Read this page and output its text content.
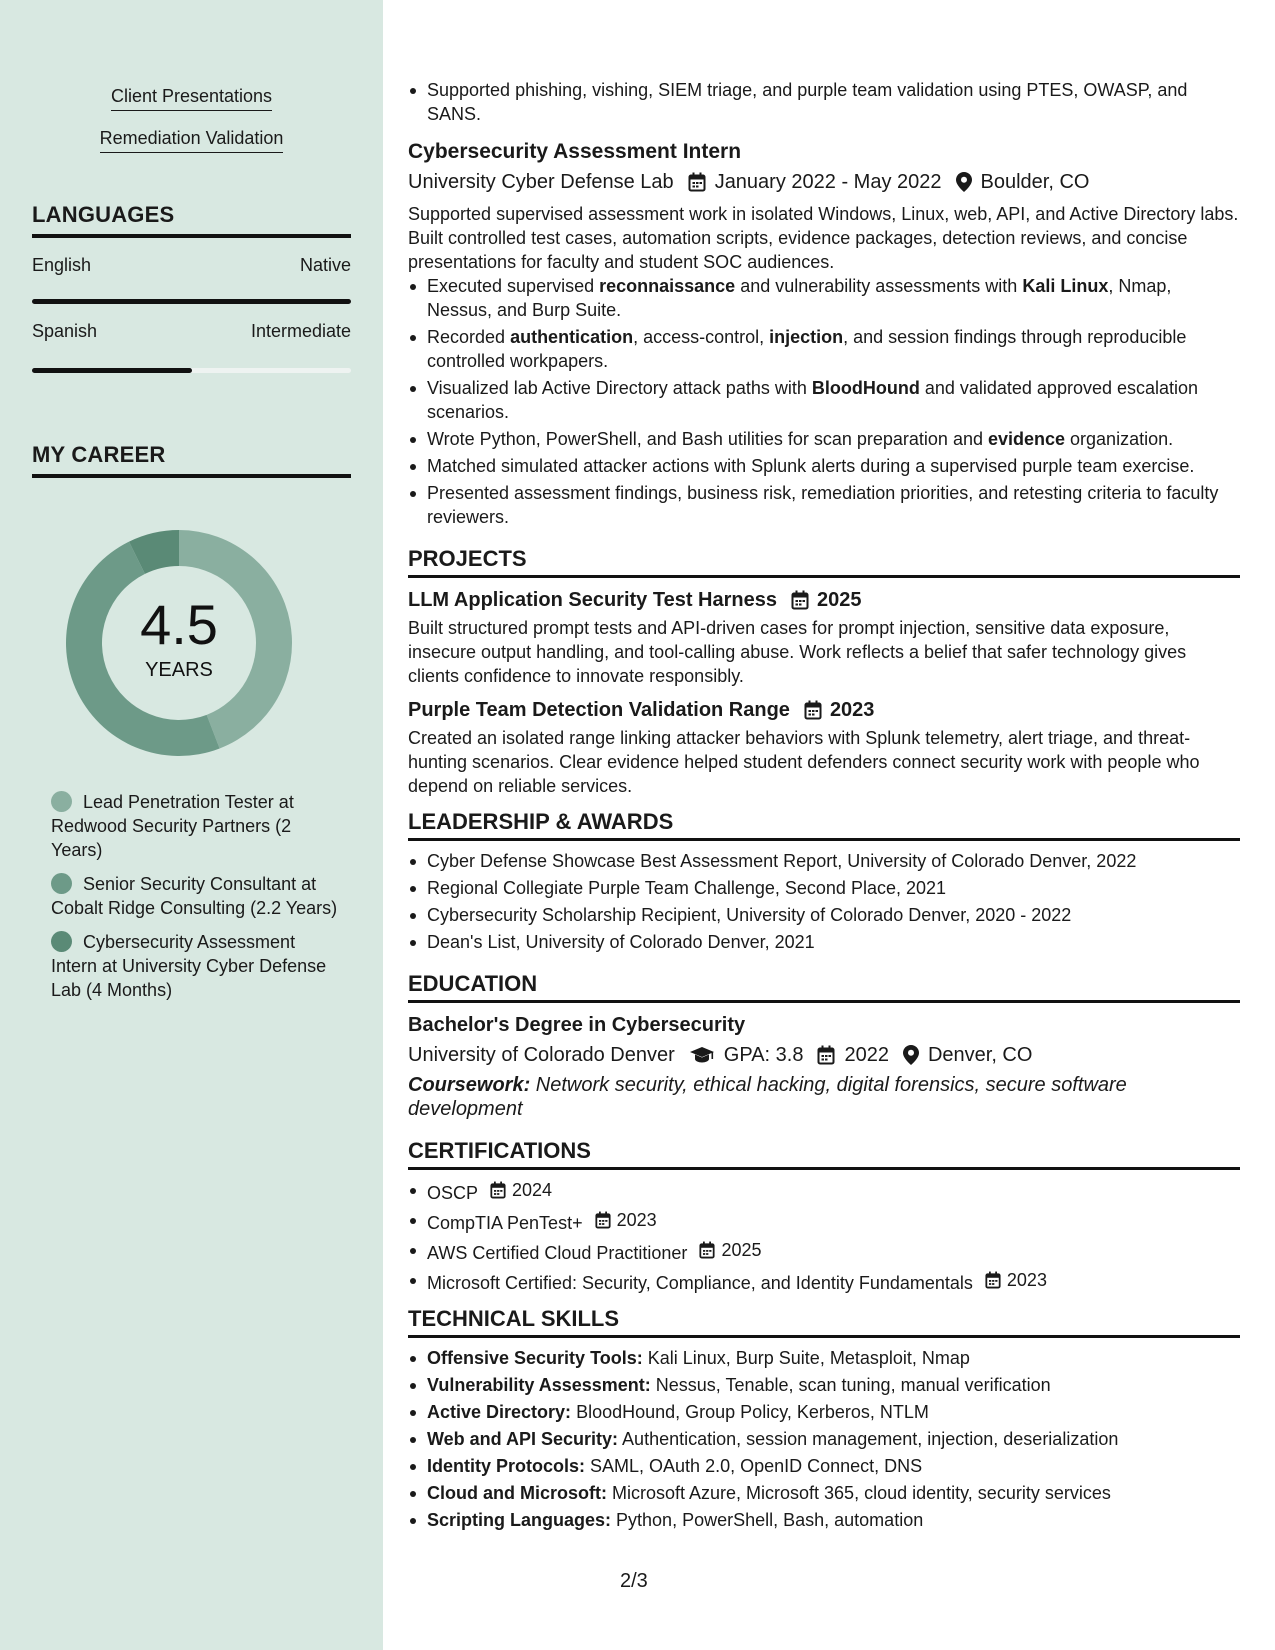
Client Presentations
Remediation Validation
LANGUAGES
English	Native
Spanish	Intermediate
MY CAREER
4.5
YEARS
Lead Penetration Tester at Redwood Security Partners (2 Years)
Senior Security Consultant at Cobalt Ridge Consulting (2.2 Years)
Cybersecurity Assessment Intern at University Cyber Defense Lab (4 Months)
Supported phishing, vishing, SIEM triage, and purple team validation using PTES, OWASP, and SANS.
Cybersecurity Assessment Intern
University Cyber Defense Lab January 2022 - May 2022 Boulder, CO
Supported supervised assessment work in isolated Windows, Linux, web, API, and Active Directory labs. Built controlled test cases, automation scripts, evidence packages, detection reviews, and concise presentations for faculty and student SOC audiences.
Executed supervised reconnaissance and vulnerability assessments with Kali Linux, Nmap, Nessus, and Burp Suite.
Recorded authentication, access-control, injection, and session findings through reproducible controlled workpapers.
Visualized lab Active Directory attack paths with BloodHound and validated approved escalation scenarios.
Wrote Python, PowerShell, and Bash utilities for scan preparation and evidence organization.
Matched simulated attacker actions with Splunk alerts during a supervised purple team exercise.
Presented assessment findings, business risk, remediation priorities, and retesting criteria to faculty reviewers.
PROJECTS
LLM Application Security Test Harness 2025
Built structured prompt tests and API-driven cases for prompt injection, sensitive data exposure, insecure output handling, and tool-calling abuse. Work reflects a belief that safer technology gives clients confidence to innovate responsibly.
Purple Team Detection Validation Range 2023
Created an isolated range linking attacker behaviors with Splunk telemetry, alert triage, and threat-hunting scenarios. Clear evidence helped student defenders connect security work with people who depend on reliable services.
LEADERSHIP & AWARDS
Cyber Defense Showcase Best Assessment Report, University of Colorado Denver, 2022
Regional Collegiate Purple Team Challenge, Second Place, 2021
Cybersecurity Scholarship Recipient, University of Colorado Denver, 2020 - 2022
Dean's List, University of Colorado Denver, 2021
EDUCATION
Bachelor's Degree in Cybersecurity
University of Colorado Denver GPA: 3.8 2022 Denver, CO
Coursework: Network security, ethical hacking, digital forensics, secure software development
CERTIFICATIONS
OSCP 2024
CompTIA PenTest+ 2023
AWS Certified Cloud Practitioner 2025
Microsoft Certified: Security, Compliance, and Identity Fundamentals 2023
TECHNICAL SKILLS
Offensive Security Tools: Kali Linux, Burp Suite, Metasploit, Nmap
Vulnerability Assessment: Nessus, Tenable, scan tuning, manual verification
Active Directory: BloodHound, Group Policy, Kerberos, NTLM
Web and API Security: Authentication, session management, injection, deserialization
Identity Protocols: SAML, OAuth 2.0, OpenID Connect, DNS
Cloud and Microsoft: Microsoft Azure, Microsoft 365, cloud identity, security services
Scripting Languages: Python, PowerShell, Bash, automation
2/3
